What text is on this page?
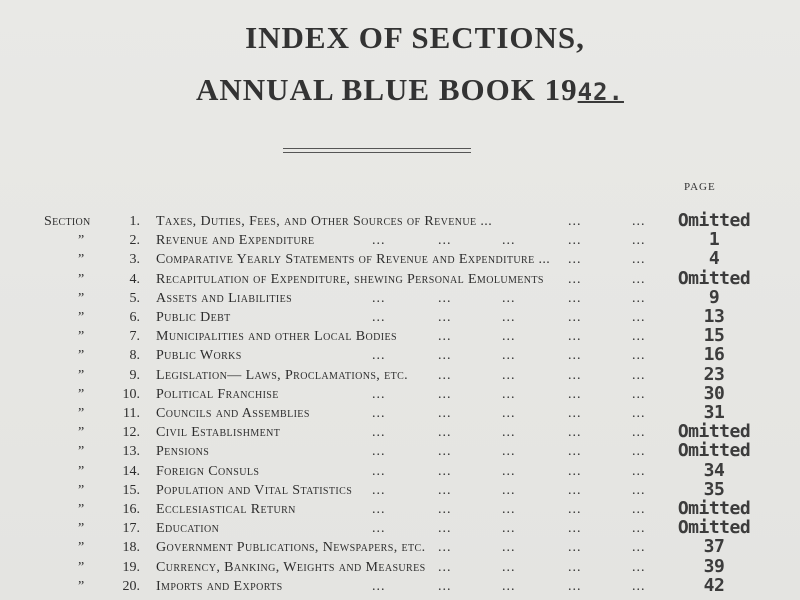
INDEX OF SECTIONS,
ANNUAL BLUE BOOK 1942.
PAGE
Section	1. Taxes, Duties, Fees, and Other Sources of Revenue ...	...	...	Omitted
”	2. Revenue and Expenditure	...	...	...	...	...	1
”	3. Comparative Yearly Statements of Revenue and Expenditure ... ...	...	4
”	4. Recapitulation of Expenditure, shewing Personal Emoluments ...	...	Omitted
”	5. Assets and Liabilities	...	...	...	...	...	9
”	6. Public Debt	...	...	...	...	...	13
”	7. Municipalities and other Local Bodies	...	...	...	...	15
”	8. Public Works	...	...	...	...	...	16
”	9. Legislation— Laws, Proclamations, etc. ...	...	...	...	23
”	10. Political Franchise	...	...	...	...	...	30
”	11. Councils and Assemblies	...	...	...	...	...	31
”	12. Civil Establishment	...	...	...	...	...	Omitted
”	13. Pensions	...	...	...	...	...	Omitted
”	14. Foreign Consuls	...	...	...	...	...	34
”	15. Population and Vital Statistics ...	...	...	...	...	35
”	16. Ecclesiastical Return	...	...	...	...	...	Omitted
”	17. Education	...	...	...	...	...	Omitted
”	18. Government Publications, Newspapers, etc. ...	...	...	...	37
”	19. Currency, Banking, Weights and Measures ...	...	...	...	39
”	20. Imports and Exports	...	...	...	...	...	42
